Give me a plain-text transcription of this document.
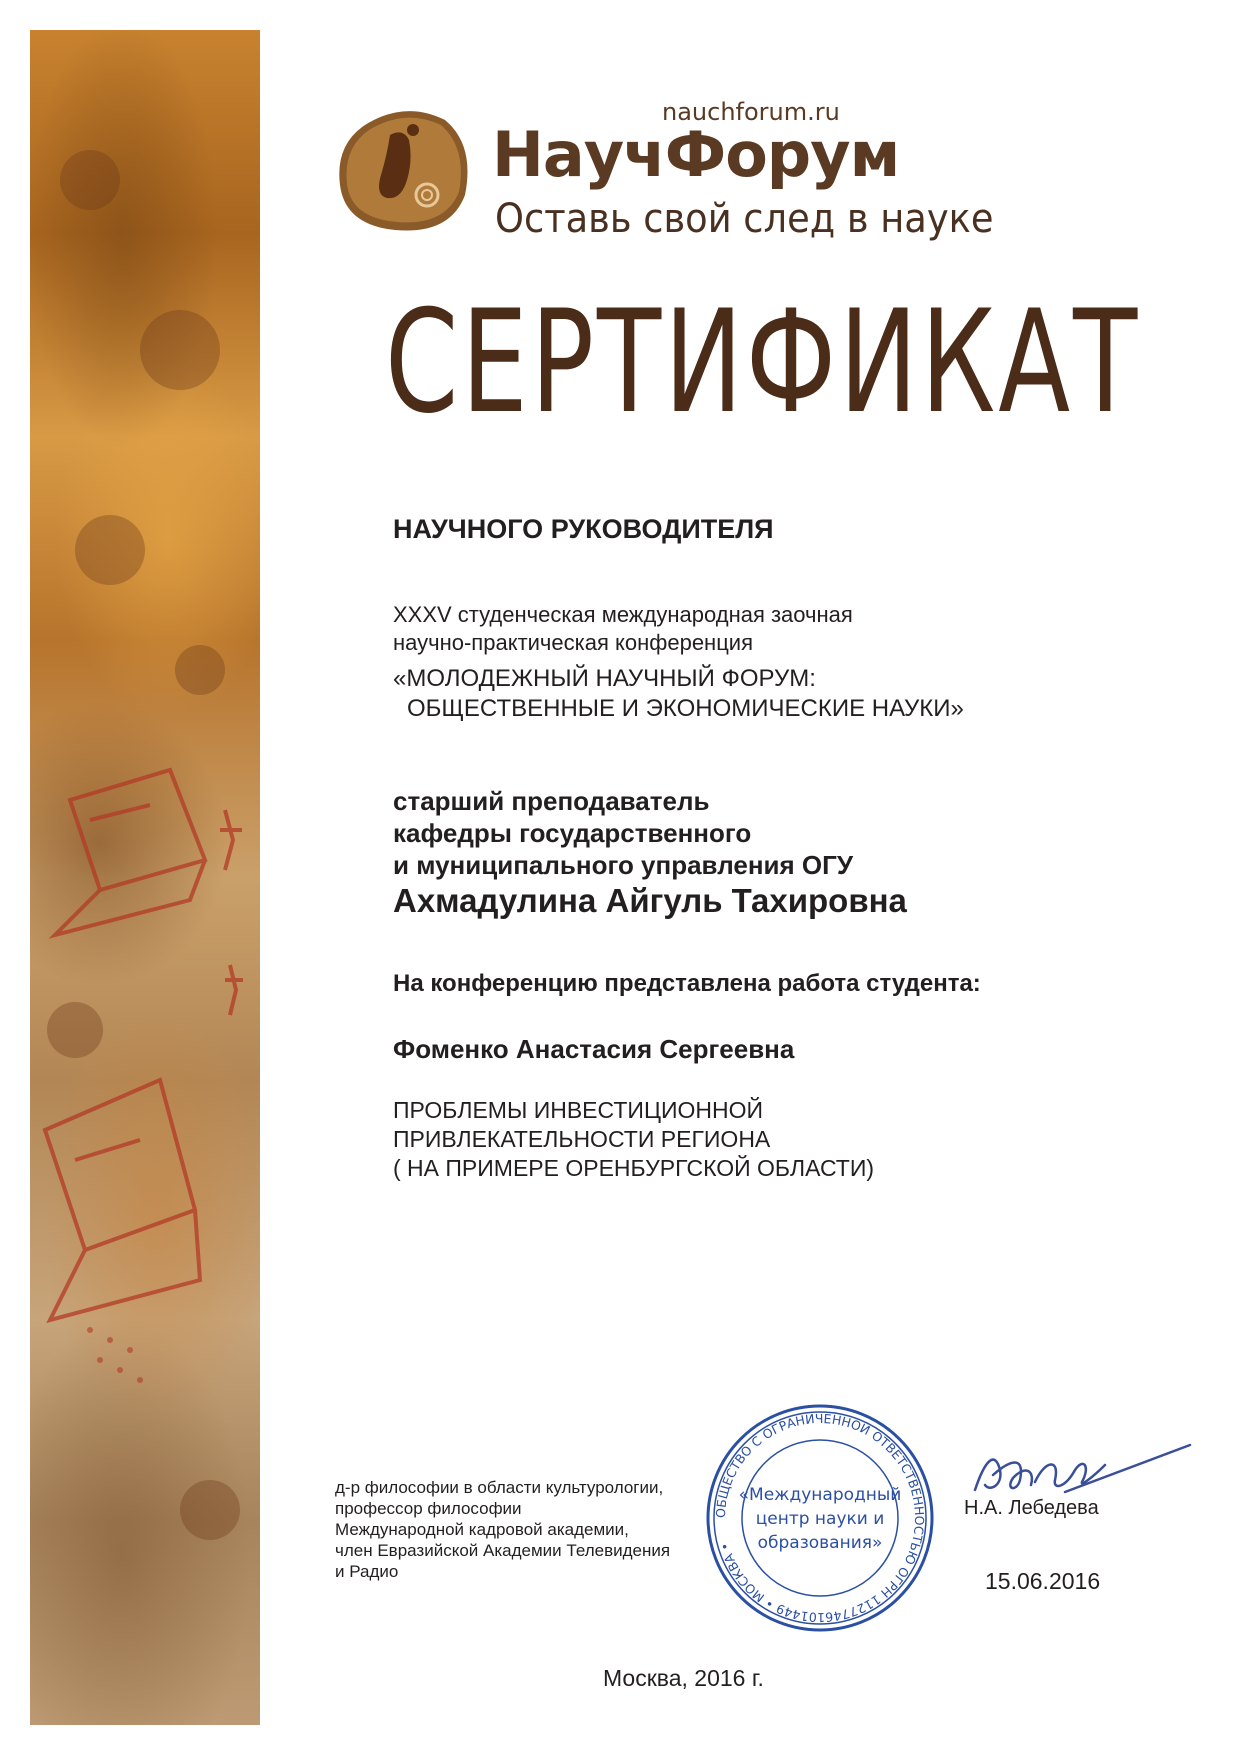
nauchforum.ru
НаучФорум
Оставь свой след в науке
СЕРТИФИКАТ
НАУЧНОГО РУКОВОДИТЕЛЯ
XXXV студенческая международная заочная
научно-практическая конференция
«МОЛОДЕЖНЫЙ НАУЧНЫЙ ФОРУМ:
ОБЩЕСТВЕННЫЕ И ЭКОНОМИЧЕСКИЕ НАУКИ»
старший преподаватель
кафедры государственного
и муниципального управления ОГУ
Ахмадулина Айгуль Тахировна
На конференцию представлена работа студента:
Фоменко Анастасия Сергеевна
ПРОБЛЕМЫ ИНВЕСТИЦИОННОЙ
ПРИВЛЕКАТЕЛЬНОСТИ РЕГИОНА
( НА ПРИМЕРЕ ОРЕНБУРГСКОЙ ОБЛАСТИ)
д-р философии в области культурологии,
профессор философии
Международной кадровой академии,
член Евразийской Академии Телевидения
и Радио
ОБЩЕСТВО С ОГРАНИЧЕННОЙ ОТВЕТСТВЕННОСТЬЮ ОГРН 1127746101449 • МОСКВА •
«Международный
центр науки и
образования»
Н.А. Лебедева
15.06.2016
Москва, 2016 г.
